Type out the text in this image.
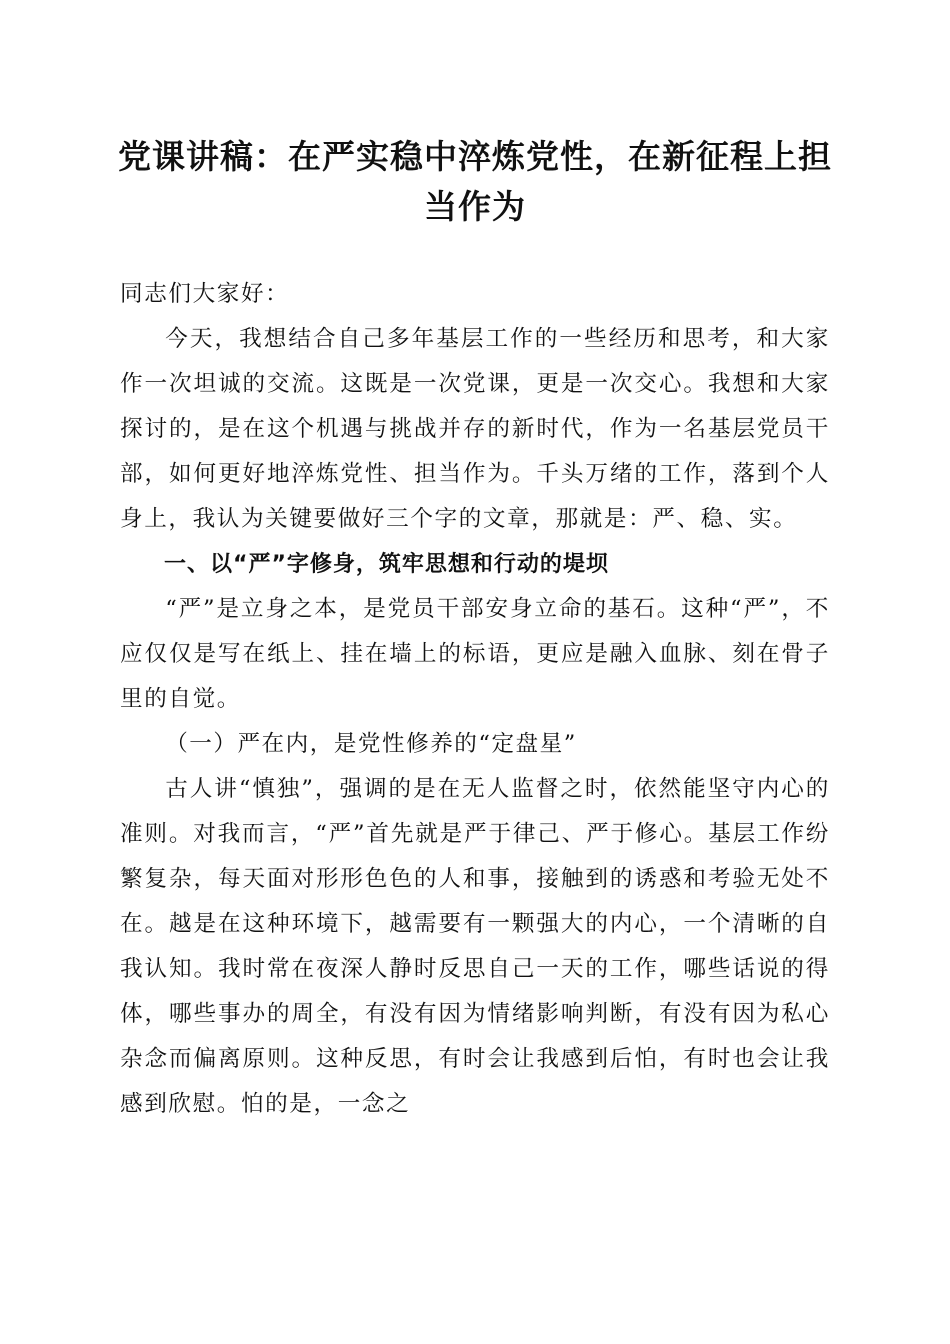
党课讲稿：在严实稳中淬炼党性，在新征程上担当作为

同志们大家好：

今天，我想结合自己多年基层工作的一些经历和思考，和大家作一次坦诚的交流。这既是一次党课，更是一次交心。我想和大家探讨的，是在这个机遇与挑战并存的新时代，作为一名基层党员干部，如何更好地淬炼党性、担当作为。千头万绪的工作，落到个人身上，我认为关键要做好三个字的文章，那就是：严、稳、实。

一、以“严”字修身，筑牢思想和行动的堤坝

“严”是立身之本，是党员干部安身立命的基石。这种“严”，不应仅仅是写在纸上、挂在墙上的标语，更应是融入血脉、刻在骨子里的自觉。

（一）严在内，是党性修养的“定盘星”

古人讲“慎独”，强调的是在无人监督之时，依然能坚守内心的准则。对我而言，“严”首先就是严于律己、严于修心。基层工作纷繁复杂，每天面对形形色色的人和事，接触到的诱惑和考验无处不在。越是在这种环境下，越需要有一颗强大的内心，一个清晰的自我认知。我时常在夜深人静时反思自己一天的工作，哪些话说的得体，哪些事办的周全，有没有因为情绪影响判断，有没有因为私心杂念而偏离原则。这种反思，有时会让我感到后怕，有时也会让我感到欣慰。怕的是，一念之
